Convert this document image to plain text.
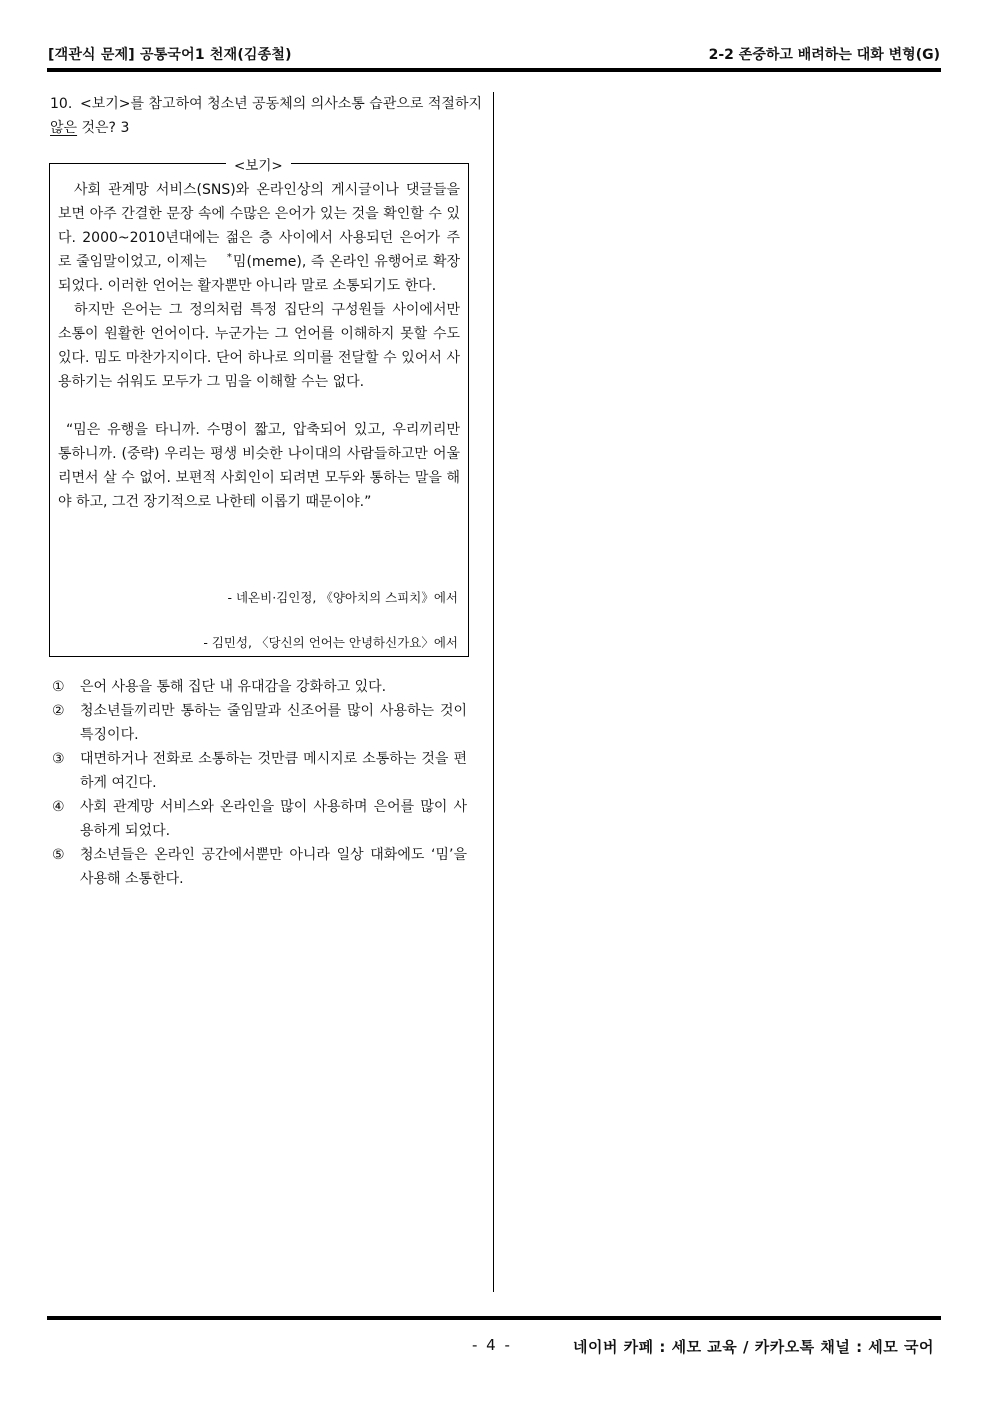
[객관식 문제] 공통국어1 천재(김종철)	2-2 존중하고 배려하는 대화 변형(G)
10. <보기>를 참고하여 청소년 공동체의 의사소통 습관으로 적절하지 않은 것은? 3
<보기>

사회 관계망 서비스(SNS)와 온라인상의 게시글이나 댓글들을 보면 아주 간결한 문장 속에 수많은 은어가 있는 것을 확인할 수 있다. 2000~2010년대에는 젊은 층 사이에서 사용되던 은어가 주로 줄임말이었고, 이제는 *밈(meme), 즉 온라인 유행어로 확장되었다. 이러한 언어는 활자뿐만 아니라 말로 소통되기도 한다.

하지만 은어는 그 정의처럼 특정 집단의 구성원들 사이에서만 소통이 원활한 언어이다. 누군가는 그 언어를 이해하지 못할 수도 있다. 밈도 마찬가지이다. 단어 하나로 의미를 전달할 수 있어서 사용하기는 쉬워도 모두가 그 밈을 이해할 수는 없다.

“밈은 유행을 타니까. 수명이 짧고, 압축되어 있고, 우리끼리만 통하니까. (중략) 우리는 평생 비슷한 나이대의 사람들하고만 어울리면서 살 수 없어. 보편적 사회인이 되려면 모두와 통하는 말을 해야 하고, 그건 장기적으로 나한테 이롭기 때문이야.”

- 네온비·김인정, 《양아치의 스피치》에서
- 김민성, 〈당신의 언어는 안녕하신가요〉에서
①	은어 사용을 통해 집단 내 유대감을 강화하고 있다.
②	청소년들끼리만 통하는 줄임말과 신조어를 많이 사용하는 것이 특징이다.
③	대면하거나 전화로 소통하는 것만큼 메시지로 소통하는 것을 편하게 여긴다.
④	사회 관계망 서비스와 온라인을 많이 사용하며 은어를 많이 사용하게 되었다.
⑤	청소년들은 온라인 공간에서뿐만 아니라 일상 대화에도 ‘밈’을 사용해 소통한다.
- 4 -	네이버 카페 : 세모 교육 / 카카오톡 채널 : 세모 국어
